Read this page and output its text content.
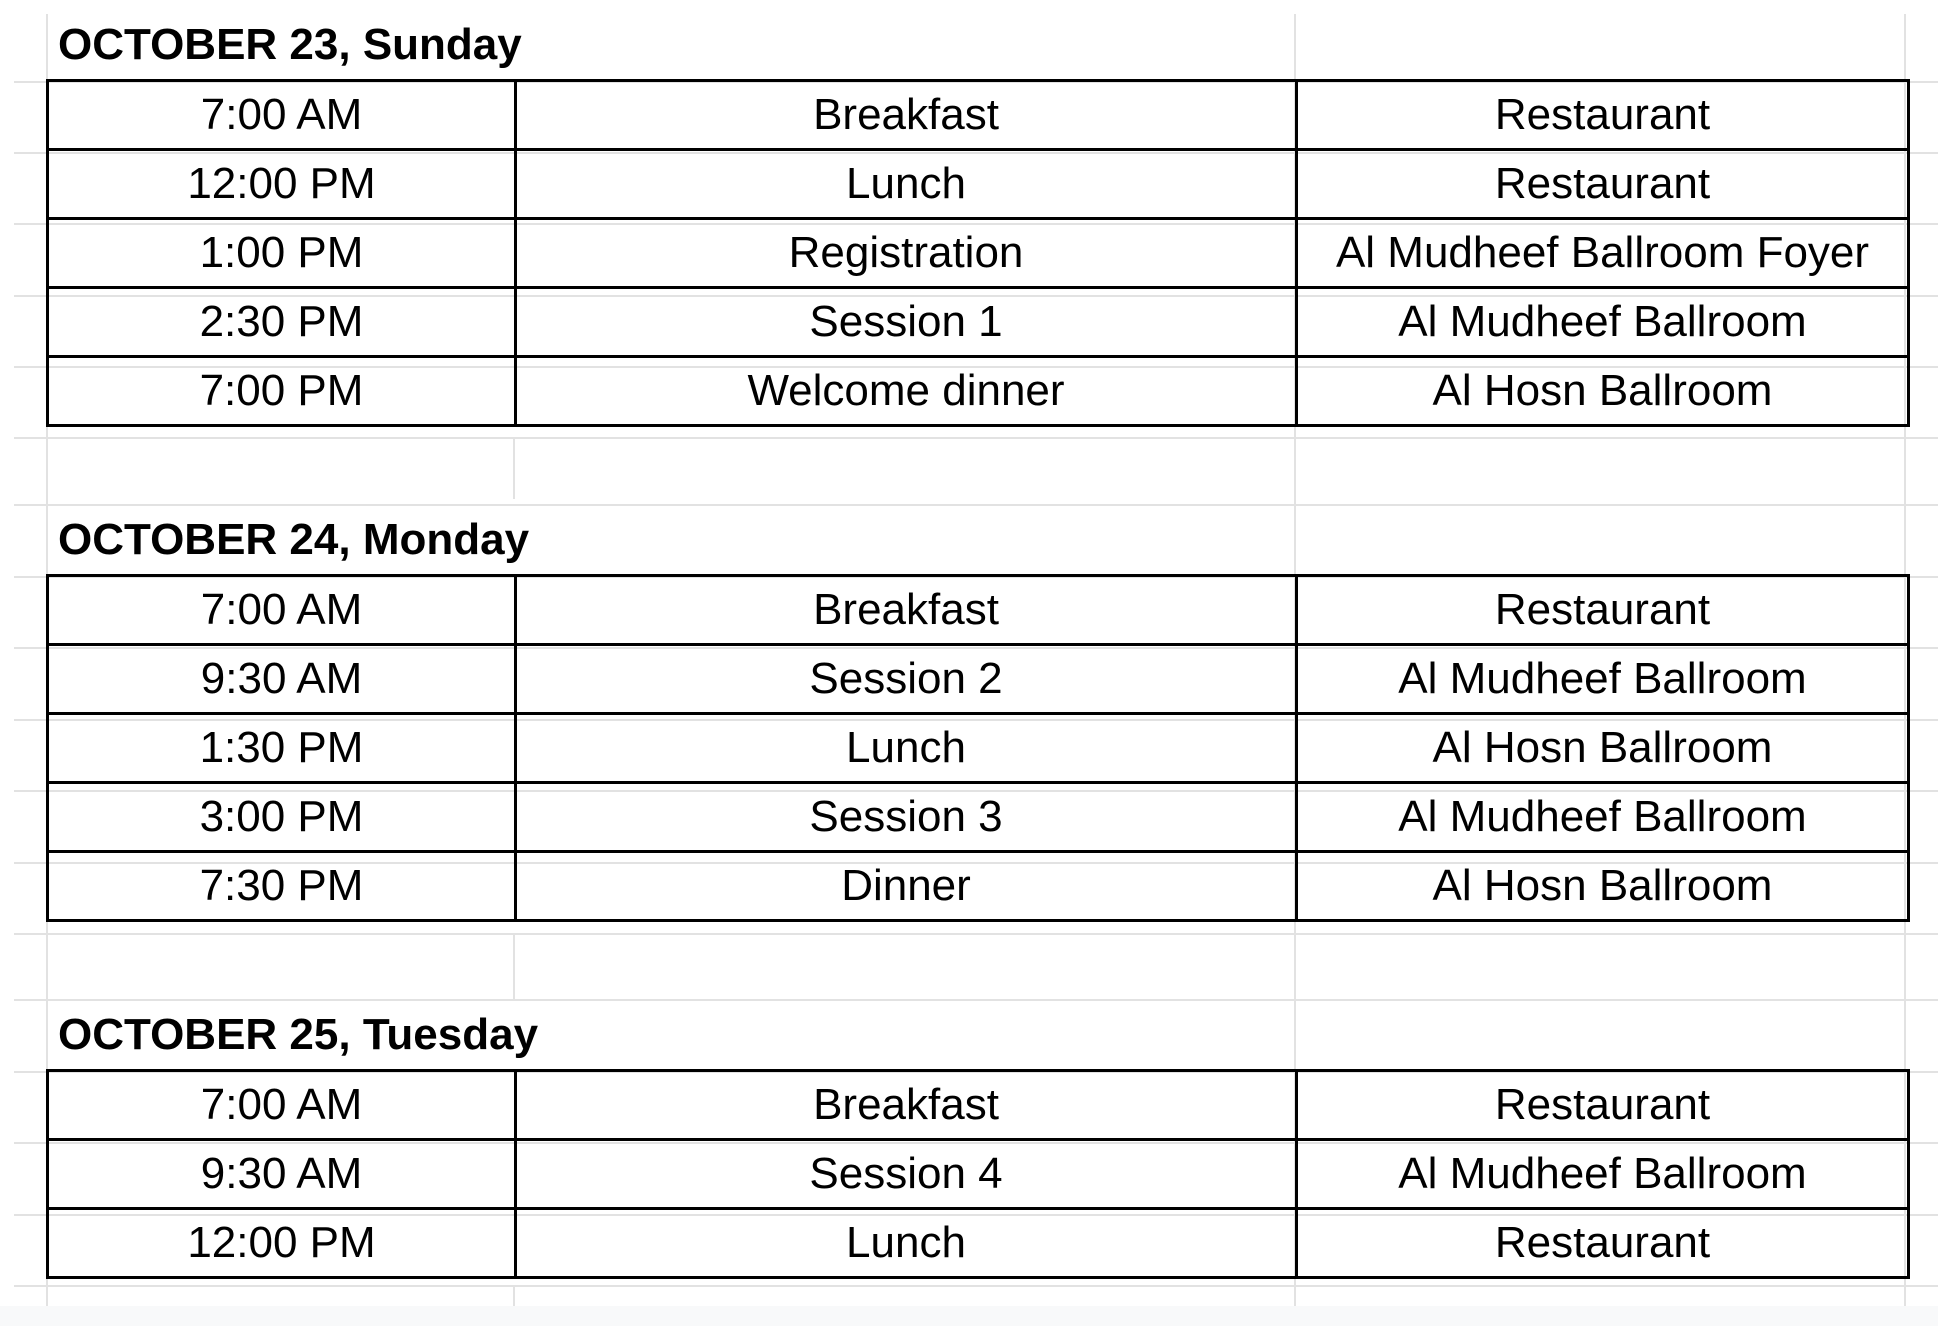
OCTOBER 23, Sunday
7:00 AM	Breakfast	Restaurant
12:00 PM	Lunch	Restaurant
1:00 PM	Registration	Al Mudheef Ballroom Foyer
2:30 PM	Session 1	Al Mudheef Ballroom
7:00 PM	Welcome dinner	Al Hosn Ballroom
OCTOBER 24, Monday
7:00 AM	Breakfast	Restaurant
9:30 AM	Session 2	Al Mudheef Ballroom
1:30 PM	Lunch	Al Hosn Ballroom
3:00 PM	Session 3	Al Mudheef Ballroom
7:30 PM	Dinner	Al Hosn Ballroom
OCTOBER 25, Tuesday
7:00 AM	Breakfast	Restaurant
9:30 AM	Session 4	Al Mudheef Ballroom
12:00 PM	Lunch	Restaurant
